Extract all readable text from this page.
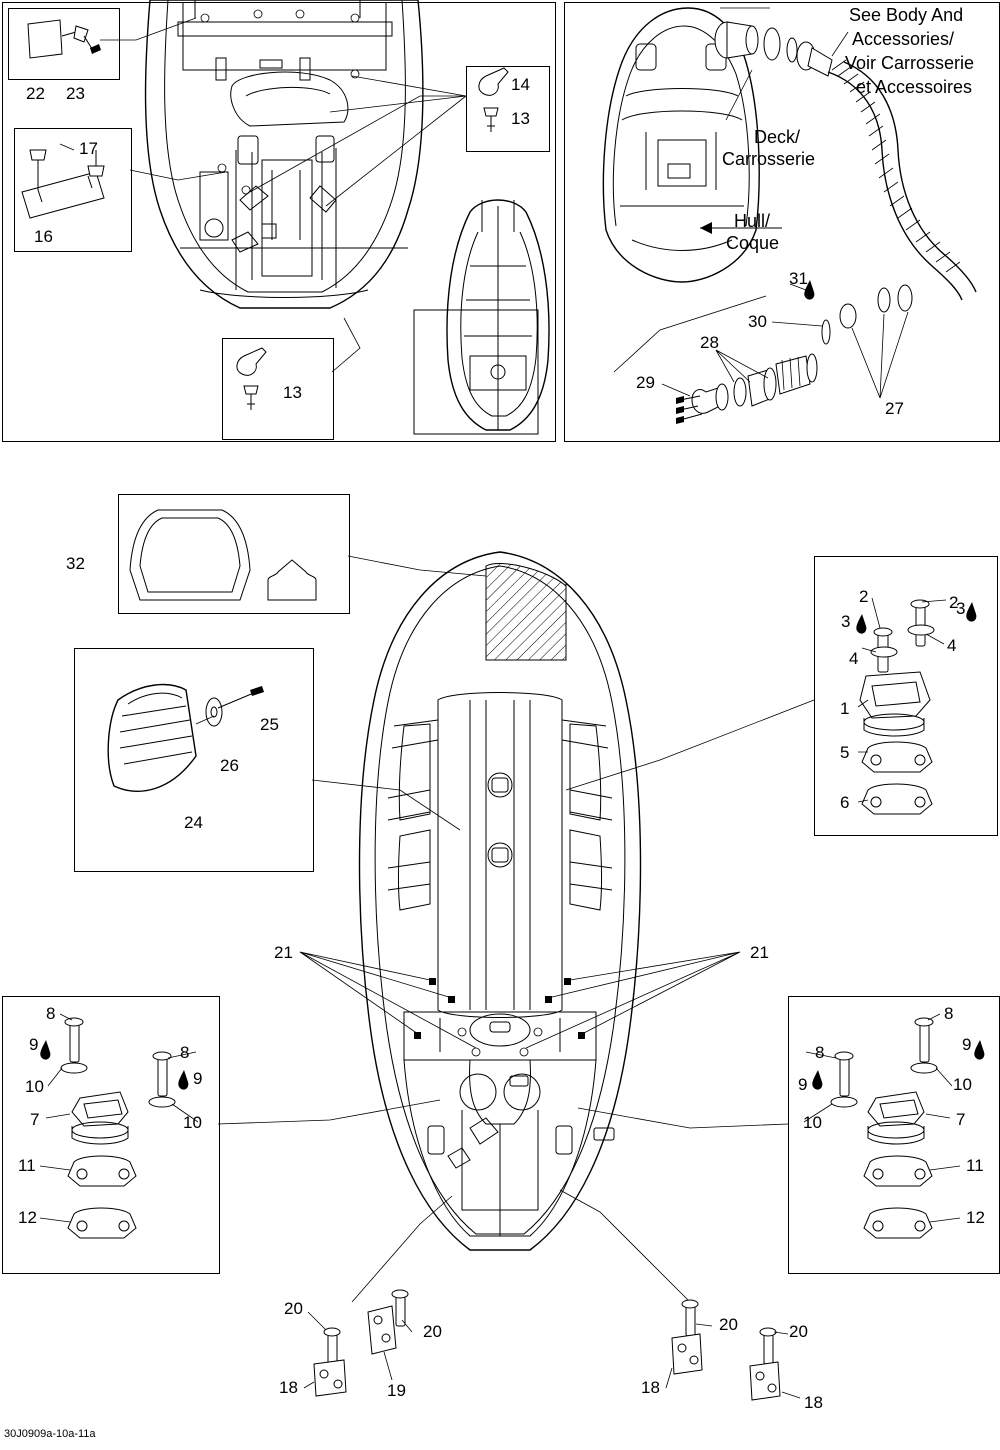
See Body And
Accessories/
Voir Carrosserie
et Accessoires
Deck/
Carrosserie
Hull/
Coque
22 23
17
16
14
13
13
31
30
28
29
27
32
25
26
24
2
2
3
3
4
4
1
5
6
21	21
8
9
10
8
9
10
7
11
12
8
9
10
8
9
10	7
11
12
20
18
20
19
20
18
20
18
30J0909a-10a-11a
